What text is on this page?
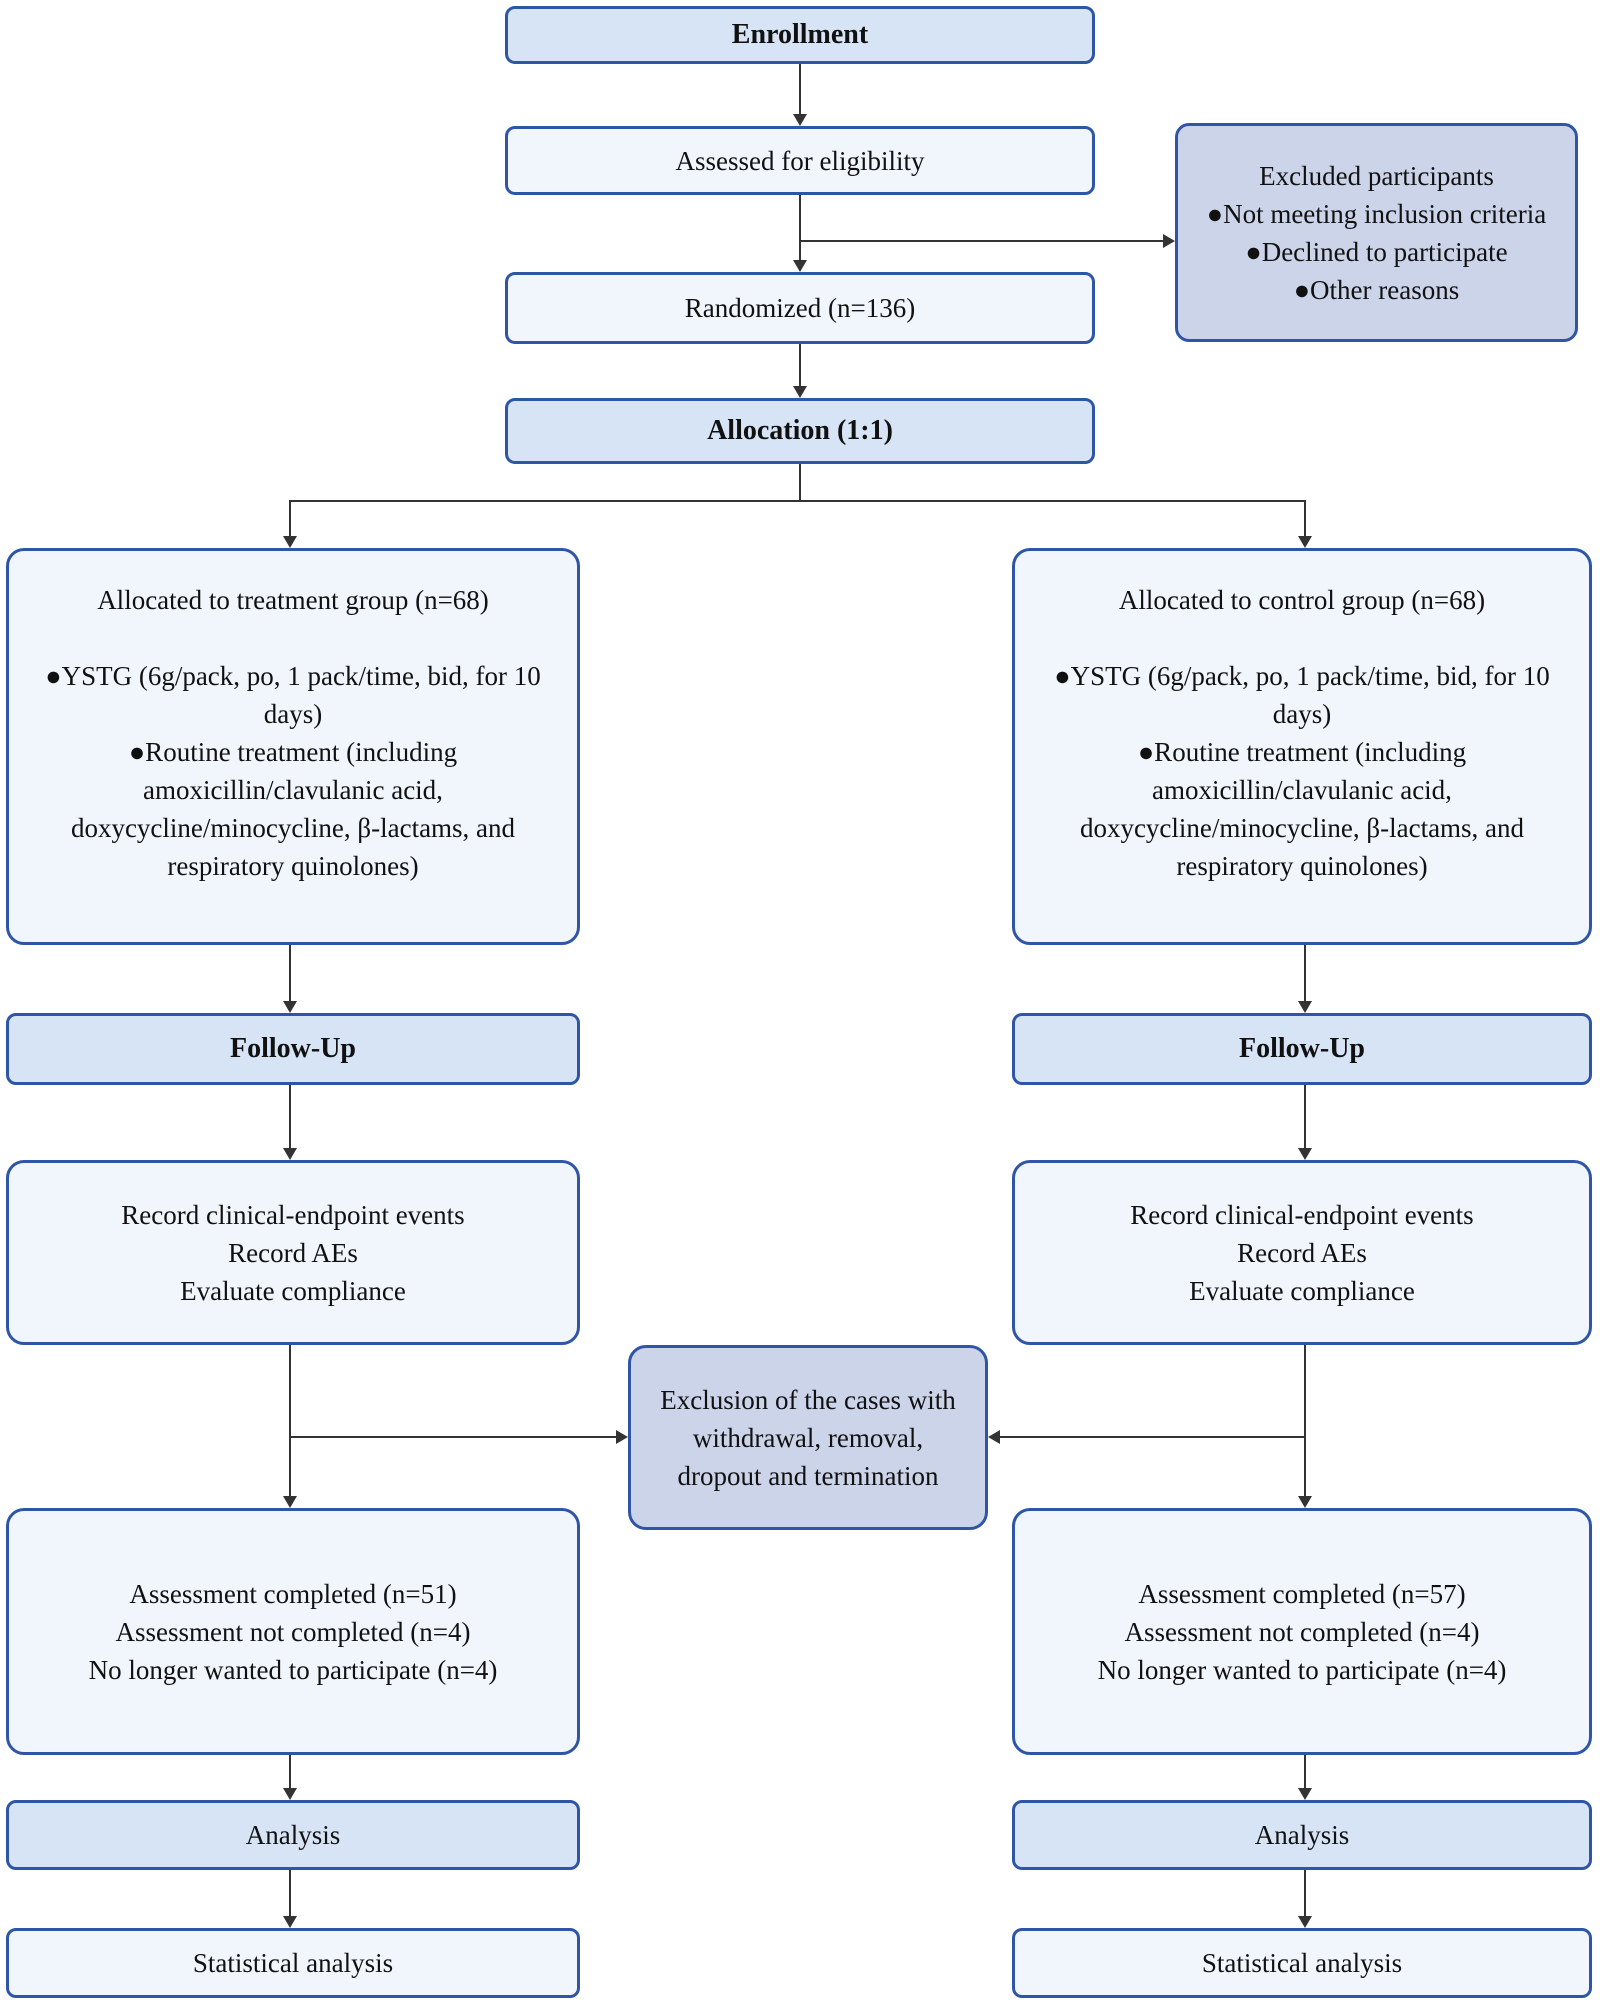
Enrollment
Assessed for eligibility	Excluded participants
●Not meeting inclusion criteria
●Declined to participate
●Other reasons
Randomized (n=136)
Allocation (1:1)
Allocated to treatment group (n=68)
●YSTG (6g/pack, po, 1 pack/time, bid, for 10 days)
●Routine treatment (including amoxicillin/clavulanic acid, doxycycline/minocycline, β-lactams, and respiratory quinolones)
Follow-Up
Record clinical-endpoint events
Record AEs
Evaluate compliance
Assessment completed (n=51)
Assessment not completed (n=4)
No longer wanted to participate (n=4)
Analysis
Statistical analysis
Allocated to control group (n=68)
●YSTG (6g/pack, po, 1 pack/time, bid, for 10 days)
●Routine treatment (including amoxicillin/clavulanic acid, doxycycline/minocycline, β-lactams, and respiratory quinolones)
Follow-Up
Record clinical-endpoint events
Record AEs
Evaluate compliance
Assessment completed (n=57)
Assessment not completed (n=4)
No longer wanted to participate (n=4)
Analysis
Statistical analysis
Exclusion of the cases with
withdrawal, removal,
dropout and termination
